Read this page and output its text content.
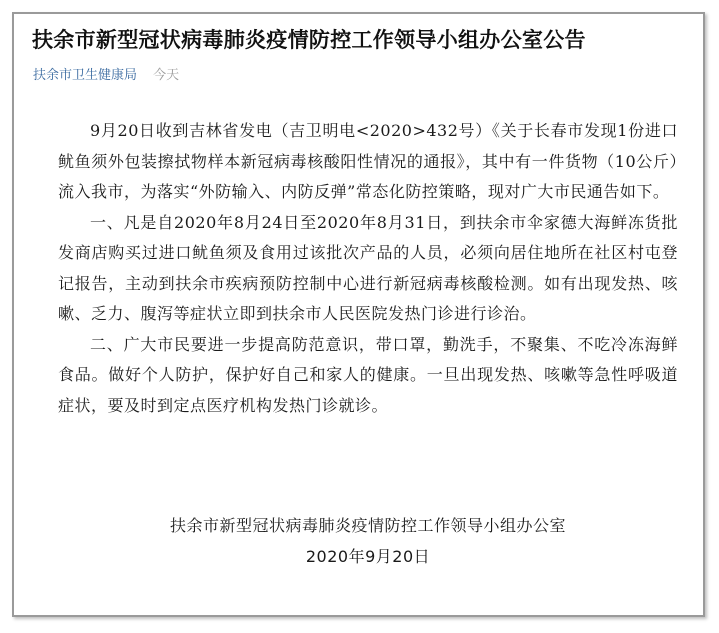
扶余市新型冠状病毒肺炎疫情防控工作领导小组办公室公告
扶余市卫生健康局 今天

9月20日收到吉林省发电（吉卫明电<2020>432号）《关于长春市发现1份进口鱿鱼须外包装擦拭物样本新冠病毒核酸阳性情况的通报》，其中有一件货物（10公斤）流入我市，为落实“外防输入、内防反弹”常态化防控策略，现对广大市民通告如下。

一、凡是自2020年8月24日至2020年8月31日，到扶余市伞家德大海鲜冻货批发商店购买过进口鱿鱼须及食用过该批次产品的人员，必须向居住地所在社区村屯登记报告，主动到扶余市疾病预防控制中心进行新冠病毒核酸检测。如有出现发热、咳嗽、乏力、腹泻等症状立即到扶余市人民医院发热门诊进行诊治。

二、广大市民要进一步提高防范意识，带口罩，勤洗手，不聚集、不吃冷冻海鲜食品。做好个人防护，保护好自己和家人的健康。一旦出现发热、咳嗽等急性呼吸道症状，要及时到定点医疗机构发热门诊就诊。

扶余市新型冠状病毒肺炎疫情防控工作领导小组办公室
2020年9月20日
